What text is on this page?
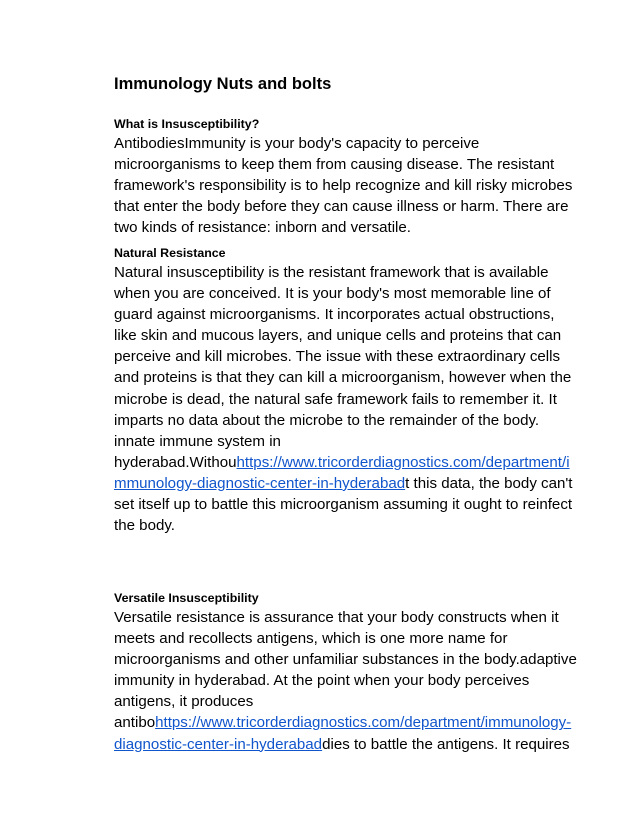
Immunology Nuts and bolts
What is Insusceptibility?

AntibodiesImmunity is your body's capacity to perceive
microorganisms to keep them from causing disease. The resistant
framework's responsibility is to help recognize and kill risky microbes
that enter the body before they can cause illness or harm. There are
two kinds of resistance: inborn and versatile.

Natural Resistance

Natural insusceptibility is the resistant framework that is available
when you are conceived. It is your body's most memorable line of
guard against microorganisms. It incorporates actual obstructions,
like skin and mucous layers, and unique cells and proteins that can
perceive and kill microbes. The issue with these extraordinary cells
and proteins is that they can kill a microorganism, however when the
microbe is dead, the natural safe framework fails to remember it. It
imparts no data about the microbe to the remainder of the body.
innate immune system in
hyderabad.Withouhttps://www.tricorderdiagnostics.com/department/i
mmunology-diagnostic-center-in-hyderabadt this data, the body can't
set itself up to battle this microorganism assuming it ought to reinfect
the body.

Versatile Insusceptibility

Versatile resistance is assurance that your body constructs when it
meets and recollects antigens, which is one more name for
microorganisms and other unfamiliar substances in the body.adaptive
immunity in hyderabad. At the point when your body perceives
antigens, it produces
antibohttps://www.tricorderdiagnostics.com/department/immunology-
diagnostic-center-in-hyderabaddies to battle the antigens. It requires
